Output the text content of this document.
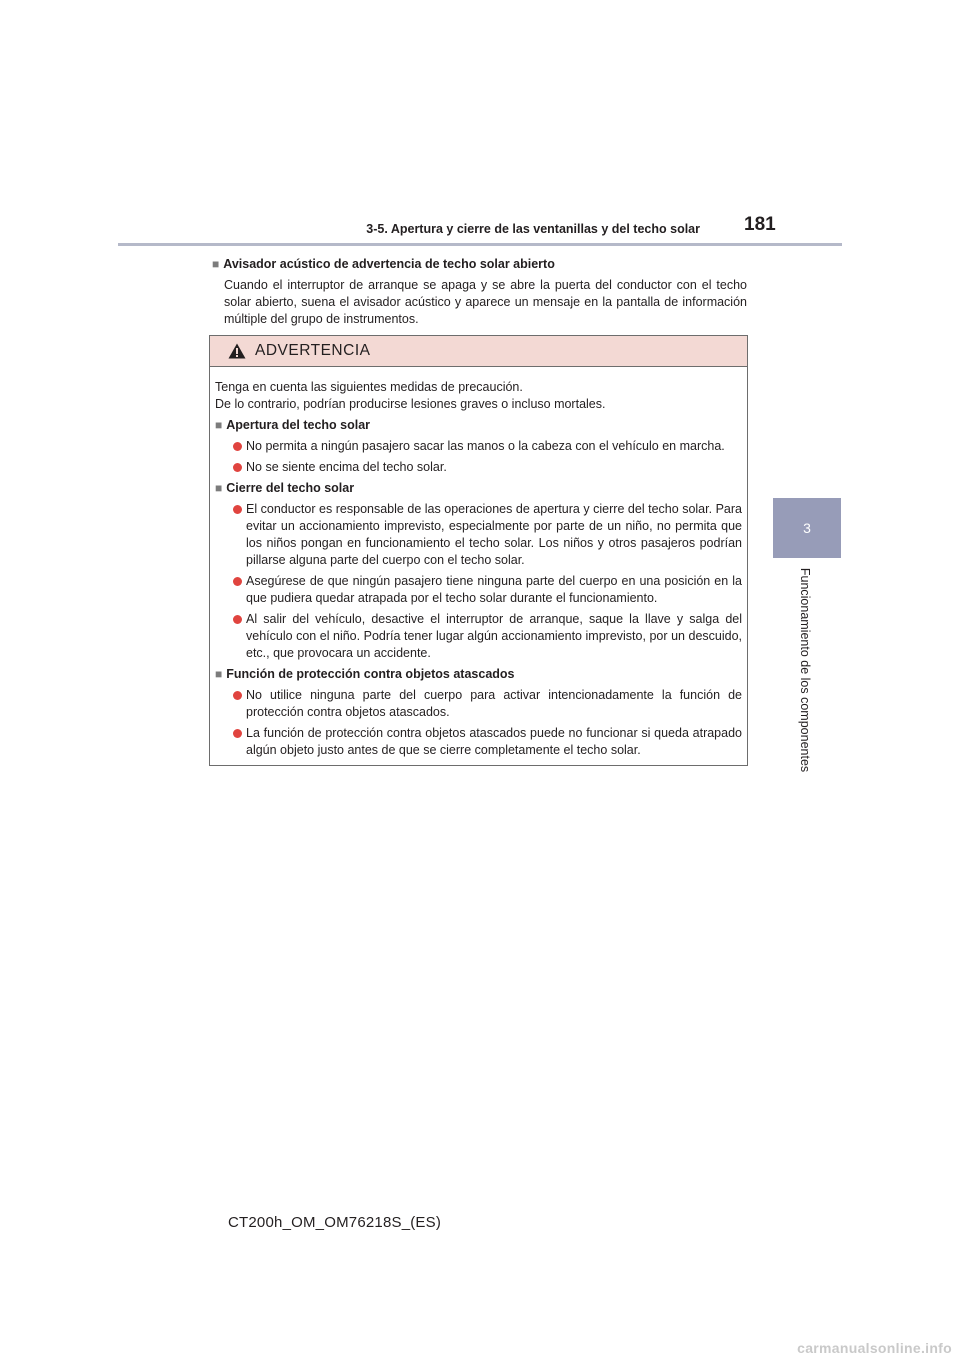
3-5. Apertura y cierre de las ventanillas y del techo solar 181
3
Funcionamiento de los componentes
■ Avisador acústico de advertencia de techo solar abierto
Cuando el interruptor de arranque se apaga y se abre la puerta del conductor con el techo solar abierto, suena el avisador acústico y aparece un mensaje en la pantalla de información múltiple del grupo de instrumentos.
ADVERTENCIA
Tenga en cuenta las siguientes medidas de precaución.
De lo contrario, podrían producirse lesiones graves o incluso mortales.
■ Apertura del techo solar
No permita a ningún pasajero sacar las manos o la cabeza con el vehículo en marcha.
No se siente encima del techo solar.
■ Cierre del techo solar
El conductor es responsable de las operaciones de apertura y cierre del techo solar. Para evitar un accionamiento imprevisto, especialmente por parte de un niño, no permita que los niños pongan en funcionamiento el techo solar. Los niños y otros pasajeros podrían pillarse alguna parte del cuerpo con el techo solar.
Asegúrese de que ningún pasajero tiene ninguna parte del cuerpo en una posición en la que pudiera quedar atrapada por el techo solar durante el funcionamiento.
Al salir del vehículo, desactive el interruptor de arranque, saque la llave y salga del vehículo con el niño. Podría tener lugar algún accionamiento imprevisto, por un descuido, etc., que provocara un accidente.
■ Función de protección contra objetos atascados
No utilice ninguna parte del cuerpo para activar intencionadamente la función de protección contra objetos atascados.
La función de protección contra objetos atascados puede no funcionar si queda atrapado algún objeto justo antes de que se cierre completamente el techo solar.
CT200h_OM_OM76218S_(ES)
carmanualsonline.info
